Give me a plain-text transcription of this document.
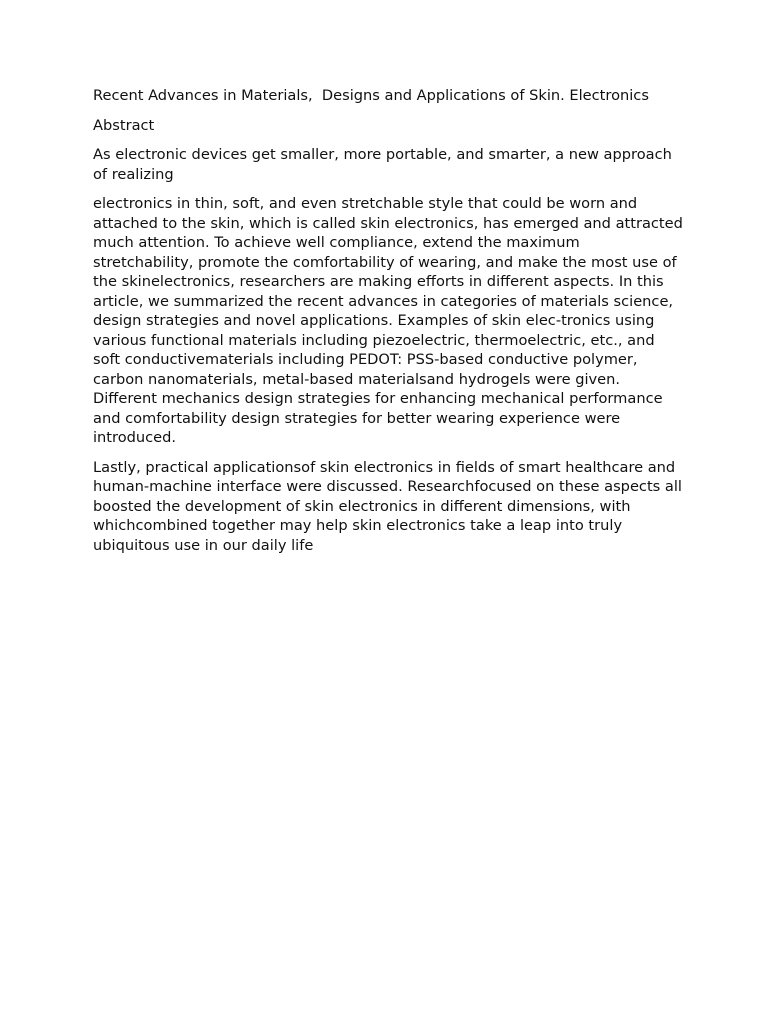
Recent Advances in Materials,  Designs and Applications of Skin. Electronics

Abstract

As electronic devices get smaller, more portable, and smarter, a new approach of realizing

electronics in thin, soft, and even stretchable style that could be worn and attached to the skin, which is called skin electronics, has emerged and attracted much attention. To achieve well compliance, extend the maximum stretchability, promote the comfortability of wearing, and make the most use of the skinelectronics, researchers are making efforts in different aspects. In this article, we summarized the recent advances in categories of materials science, design strategies and novel applications. Examples of skin elec-tronics using various functional materials including piezoelectric, thermoelectric, etc., and soft conductivematerials including PEDOT: PSS-based conductive polymer, carbon nanomaterials, metal-based materialsand hydrogels were given. Different mechanics design strategies for enhancing mechanical performance and comfortability design strategies for better wearing experience were introduced.

Lastly, practical applicationsof skin electronics in fields of smart healthcare and human-machine interface were discussed. Researchfocused on these aspects all boosted the development of skin electronics in different dimensions, with whichcombined together may help skin electronics take a leap into truly ubiquitous use in our daily life
